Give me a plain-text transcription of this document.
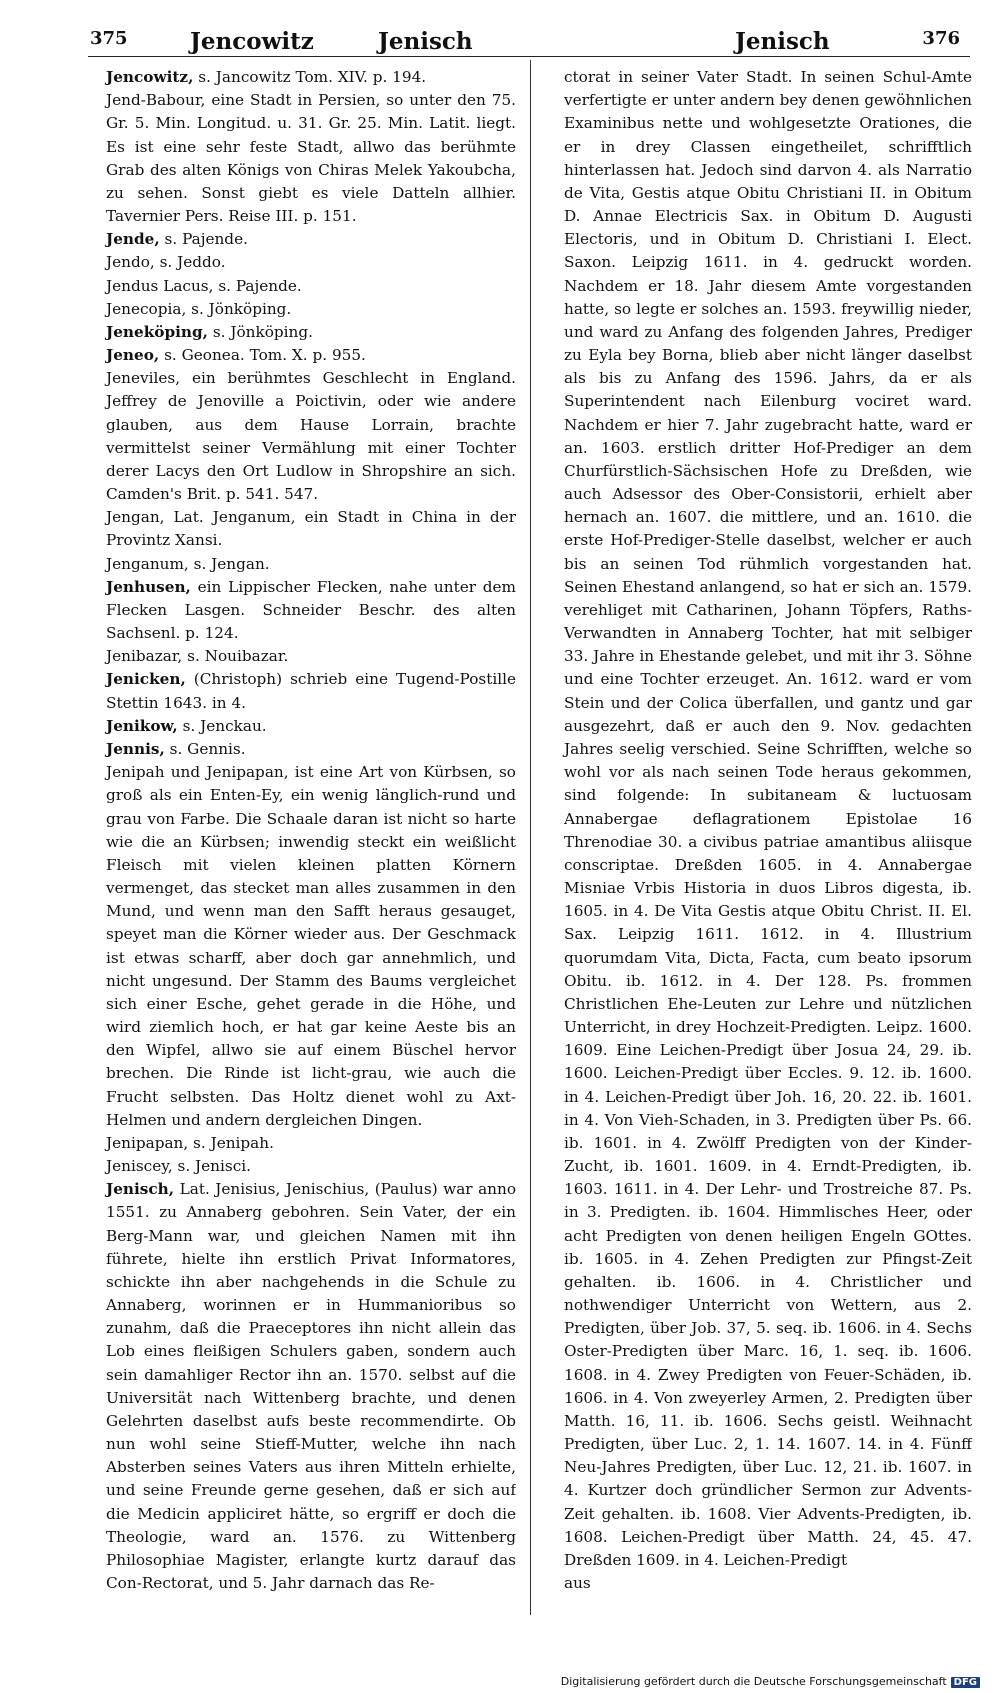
375	Jencowitz	Jenisch	Jenisch	376

Jencowitz, s. Jancowitz Tom. XIV. p. 194.

Jend-Babour, eine Stadt in Persien, so unter den 75. Gr. 5. Min. Longitud. u. 31. Gr. 25. Min. Latit. liegt. Es ist eine sehr feste Stadt, allwo das berühmte Grab des alten Königs von Chiras Melek Yakoubcha, zu sehen. Sonst giebt es viele Datteln allhier. Tavernier Pers. Reise III. p. 151.

Jende, s. Pajende.

Jendo, s. Jeddo.

Jendus Lacus, s. Pajende.

Jenecopia, s. Jönköping.

Jeneköping, s. Jönköping.

Jeneo, s. Geonea. Tom. X. p. 955.

Jeneviles, ein berühmtes Geschlecht in England. Jeffrey de Jenoville a Poictivin, oder wie andere glauben, aus dem Hause Lorrain, brachte vermittelst seiner Vermählung mit einer Tochter derer Lacys den Ort Ludlow in Shropshire an sich. Camden's Brit. p. 541. 547.

Jengan, Lat. Jenganum, ein Stadt in China in der Provintz Xansi.

Jenganum, s. Jengan.

Jenhusen, ein Lippischer Flecken, nahe unter dem Flecken Lasgen. Schneider Beschr. des alten Sachsenl. p. 124.

Jenibazar, s. Nouibazar.

Jenicken, (Christoph) schrieb eine Tugend-Postille Stettin 1643. in 4.

Jenikow, s. Jenckau.

Jennis, s. Gennis.

Jenipah und Jenipapan, ist eine Art von Kürbsen, so groß als ein Enten-Ey, ein wenig länglich-rund und grau von Farbe. Die Schaale daran ist nicht so harte wie die an Kürbsen; inwendig steckt ein weißlicht Fleisch mit vielen kleinen platten Körnern vermenget, das stecket man alles zusammen in den Mund, und wenn man den Safft heraus gesauget, speyet man die Körner wieder aus. Der Geschmack ist etwas scharff, aber doch gar annehmlich, und nicht ungesund. Der Stamm des Baums vergleichet sich einer Esche, gehet gerade in die Höhe, und wird ziemlich hoch, er hat gar keine Aeste bis an den Wipfel, allwo sie auf einem Büschel hervor brechen. Die Rinde ist licht-grau, wie auch die Frucht selbsten. Das Holtz dienet wohl zu Axt-Helmen und andern dergleichen Dingen.

Jenipapan, s. Jenipah.

Jeniscey, s. Jenisci.

Jenisch, Lat. Jenisius, Jenischius, (Paulus) war anno 1551. zu Annaberg gebohren. Sein Vater, der ein Berg-Mann war, und gleichen Namen mit ihn führete, hielte ihn erstlich Privat Informatores, schickte ihn aber nachgehends in die Schule zu Annaberg, worinnen er in Hummanioribus so zunahm, daß die Praeceptores ihn nicht allein das Lob eines fleißigen Schulers gaben, sondern auch sein damahliger Rector ihn an. 1570. selbst auf die Universität nach Wittenberg brachte, und denen Gelehrten daselbst aufs beste recommendirte. Ob nun wohl seine Stieff-Mutter, welche ihn nach Absterben seines Vaters aus ihren Mitteln erhielte, und seine Freunde gerne gesehen, daß er sich auf die Medicin appliciret hätte, so ergriff er doch die Theologie, ward an. 1576. zu Wittenberg Philosophiae Magister, erlangte kurtz darauf das Con-Rectorat, und 5. Jahr darnach das Re-

ctorat in seiner Vater Stadt. In seinen Schul-Amte verfertigte er unter andern bey denen gewöhnlichen Examinibus nette und wohlgesetzte Orationes, die er in drey Classen eingetheilet, schrifftlich hinterlassen hat. Jedoch sind darvon 4. als Narratio de Vita, Gestis atque Obitu Christiani II. in Obitum D. Annae Electricis Sax. in Obitum D. Augusti Electoris, und in Obitum D. Christiani I. Elect. Saxon. Leipzig 1611. in 4. gedruckt worden. Nachdem er 18. Jahr diesem Amte vorgestanden hatte, so legte er solches an. 1593. freywillig nieder, und ward zu Anfang des folgenden Jahres, Prediger zu Eyla bey Borna, blieb aber nicht länger daselbst als bis zu Anfang des 1596. Jahrs, da er als Superintendent nach Eilenburg vociret ward. Nachdem er hier 7. Jahr zugebracht hatte, ward er an. 1603. erstlich dritter Hof-Prediger an dem Churfürstlich-Sächsischen Hofe zu Dreßden, wie auch Adsessor des Ober-Consistorii, erhielt aber hernach an. 1607. die mittlere, und an. 1610. die erste Hof-Prediger-Stelle daselbst, welcher er auch bis an seinen Tod rühmlich vorgestanden hat. Seinen Ehestand anlangend, so hat er sich an. 1579. verehliget mit Catharinen, Johann Töpfers, Raths-Verwandten in Annaberg Tochter, hat mit selbiger 33. Jahre in Ehestande gelebet, und mit ihr 3. Söhne und eine Tochter erzeuget. An. 1612. ward er vom Stein und der Colica überfallen, und gantz und gar ausgezehrt, daß er auch den 9. Nov. gedachten Jahres seelig verschied. Seine Schrifften, welche so wohl vor als nach seinen Tode heraus gekommen, sind folgende: In subitaneam & luctuosam Annabergae deflagrationem Epistolae 16 Threnodiae 30. a civibus patriae amantibus aliisque conscriptae. Dreßden 1605. in 4. Annabergae Misniae Vrbis Historia in duos Libros digesta, ib. 1605. in 4. De Vita Gestis atque Obitu Christ. II. El. Sax. Leipzig 1611. 1612. in 4. Illustrium quorumdam Vita, Dicta, Facta, cum beato ipsorum Obitu. ib. 1612. in 4. Der 128. Ps. frommen Christlichen Ehe-Leuten zur Lehre und nützlichen Unterricht, in drey Hochzeit-Predigten. Leipz. 1600. 1609. Eine Leichen-Predigt über Josua 24, 29. ib. 1600. Leichen-Predigt über Eccles. 9. 12. ib. 1600. in 4. Leichen-Predigt über Joh. 16, 20. 22. ib. 1601. in 4. Von Vieh-Schaden, in 3. Predigten über Ps. 66. ib. 1601. in 4. Zwölff Predigten von der Kinder-Zucht, ib. 1601. 1609. in 4. Erndt-Predigten, ib. 1603. 1611. in 4. Der Lehr- und Trostreiche 87. Ps. in 3. Predigten. ib. 1604. Himmlisches Heer, oder acht Predigten von denen heiligen Engeln GOttes. ib. 1605. in 4. Zehen Predigten zur Pfingst-Zeit gehalten. ib. 1606. in 4. Christlicher und nothwendiger Unterricht von Wettern, aus 2. Predigten, über Job. 37, 5. seq. ib. 1606. in 4. Sechs Oster-Predigten über Marc. 16, 1. seq. ib. 1606. 1608. in 4. Zwey Predigten von Feuer-Schäden, ib. 1606. in 4. Von zweyerley Armen, 2. Predigten über Matth. 16, 11. ib. 1606. Sechs geistl. Weihnacht Predigten, über Luc. 2, 1. 14. 1607. 14. in 4. Fünff Neu-Jahres Predigten, über Luc. 12, 21. ib. 1607. in 4. Kurtzer doch gründlicher Sermon zur Advents-Zeit gehalten. ib. 1608. Vier Advents-Predigten, ib. 1608. Leichen-Predigt über Matth. 24, 45. 47. Dreßden 1609. in 4. Leichen-Predigt

aus

Digitalisierung gefördert durch die Deutsche Forschungsgemeinschaft DFG
